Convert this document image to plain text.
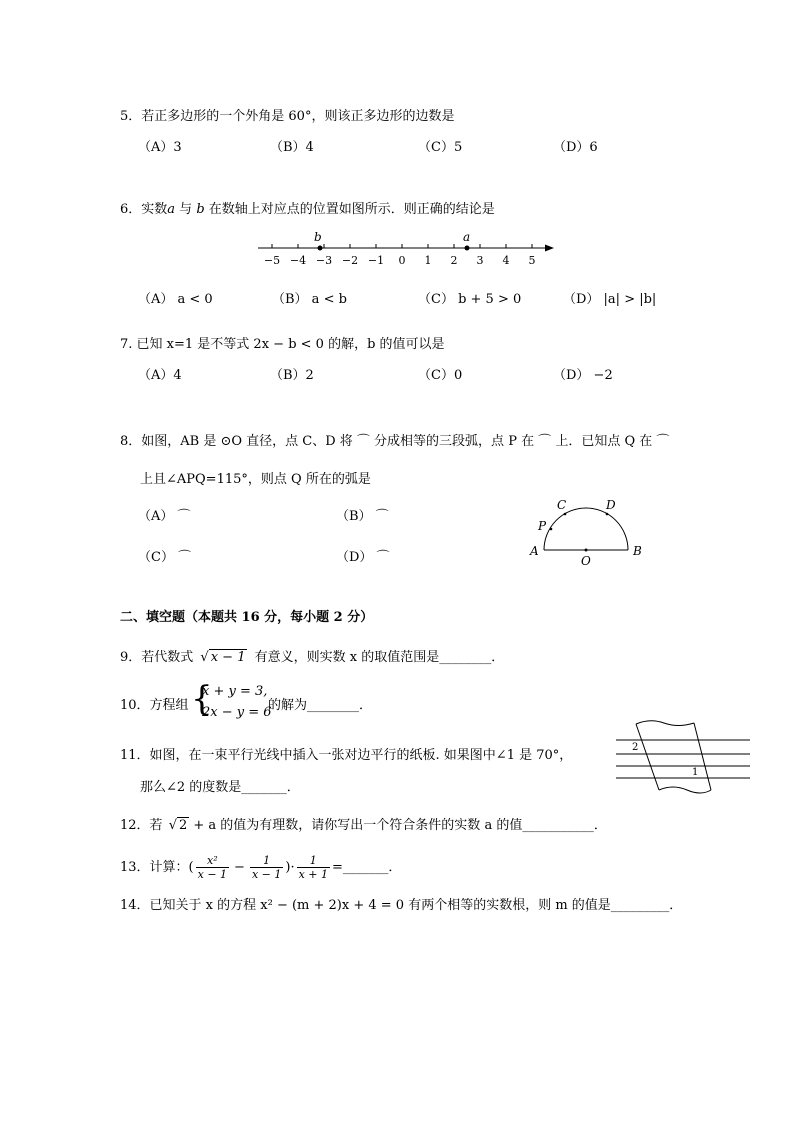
5．若正多边形的一个外角是 60°，则该正多边形的边数是
（A）3	（B）4	（C）5	（D）6
6．实数a 与 b 在数轴上对应点的位置如图所示．则正确的结论是
−5 −4 −3 −2 −1 0 1 2 3 4 5
b	a
（A） a < 0	（B） a < b	（C） b + 5 > 0	（D） |a| > |b|
7. 已知 x=1 是不等式 2x − b < 0 的解，b 的值可以是
（A）4	（B）2	（C）0	（D） −2
8．如图，AB 是 ⊙O 直径，点 C、D 将 ⌒ 分成相等的三段弧，点 P 在 ⌒ 上．已知点 Q 在 ⌒
上且∠APQ=115°，则点 Q 所在的弧是
（A） ⌒	（B） ⌒
（C） ⌒	（D） ⌒	A	B
C	D
P
O
二、填空题（本题共 16 分，每小题 2 分）
9．若代数式 √ x − 1 有意义，则实数 x 的取值范围是________．
10．方程组 {
x + y = 3,
2x − y = 6
的解为________．
11．如图，在一束平行光线中插入一张对边平行的纸板. 如果图中∠1 是 70°，
那么∠2 的度数是_______．
2
1
12．若 √ 2 + a 的值为有理数，请你写出一个符合条件的实数 a 的值___________．
13．计算：( $\frac{\text{x²}}{x - 1} - \frac{1}{x - 1}$ )· $\frac{1}{x + 1}$ =_______．
14．已知关于 x 的方程 x² − (m + 2)x + 4 = 0 有两个相等的实数根，则 m 的值是_________．
